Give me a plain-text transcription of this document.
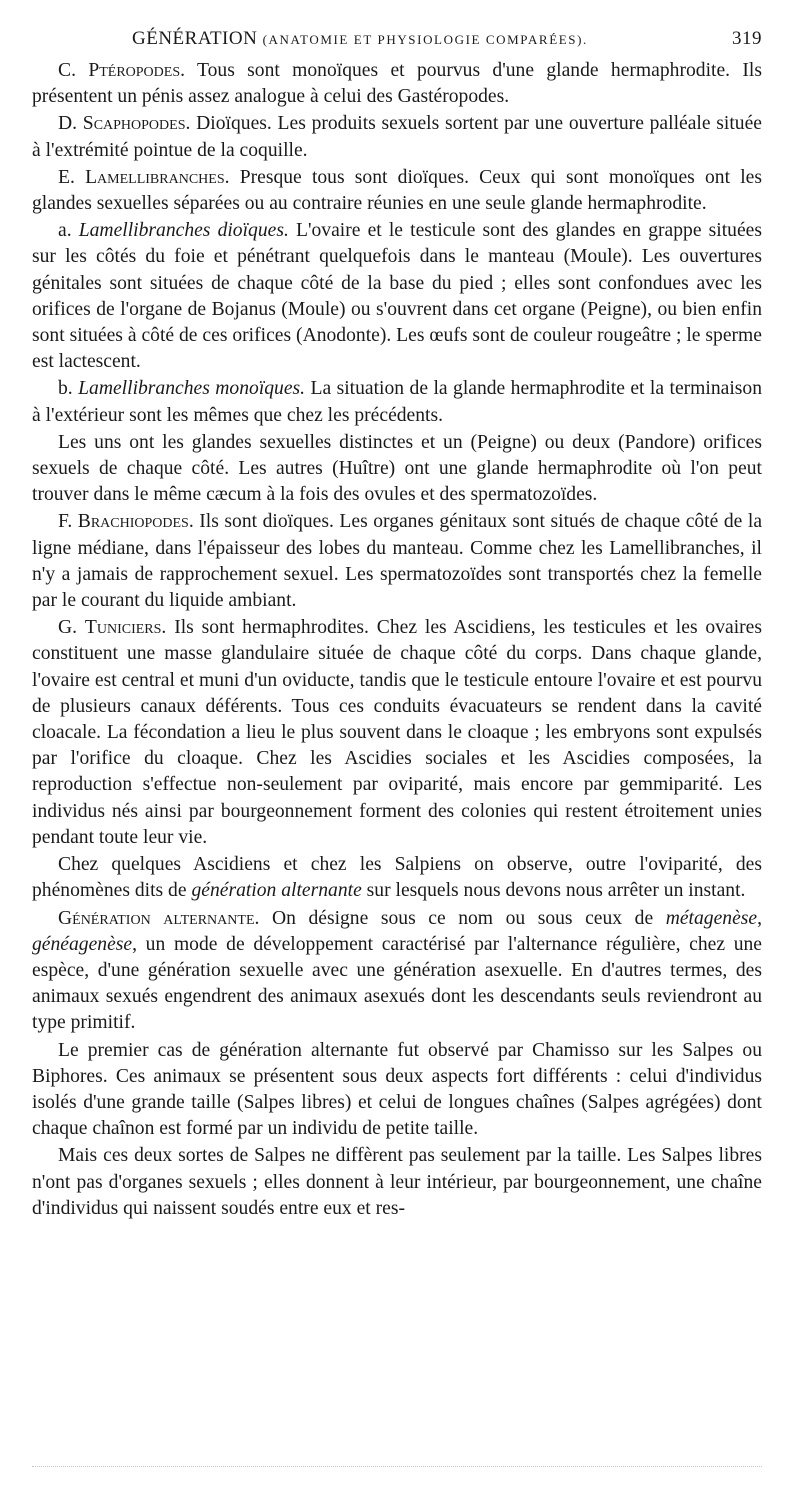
GÉNÉRATION (ANATOMIE ET PHYSIOLOGIE COMPARÉES).	319

C. Ptéropodes. Tous sont monoïques et pourvus d'une glande hermaphrodite. Ils présentent un pénis assez analogue à celui des Gastéropodes.

D. Scaphopodes. Dioïques. Les produits sexuels sortent par une ouverture palléale située à l'extrémité pointue de la coquille.

E. Lamellibranches. Presque tous sont dioïques. Ceux qui sont monoïques ont les glandes sexuelles séparées ou au contraire réunies en une seule glande hermaphrodite.

a. Lamellibranches dioïques. L'ovaire et le testicule sont des glandes en grappe situées sur les côtés du foie et pénétrant quelquefois dans le manteau (Moule). Les ouvertures génitales sont situées de chaque côté de la base du pied ; elles sont confondues avec les orifices de l'organe de Bojanus (Moule) ou s'ouvrent dans cet organe (Peigne), ou bien enfin sont situées à côté de ces orifices (Anodonte). Les œufs sont de couleur rougeâtre ; le sperme est lactescent.

b. Lamellibranches monoïques. La situation de la glande hermaphrodite et la terminaison à l'extérieur sont les mêmes que chez les précédents.

Les uns ont les glandes sexuelles distinctes et un (Peigne) ou deux (Pandore) orifices sexuels de chaque côté. Les autres (Huître) ont une glande hermaphrodite où l'on peut trouver dans le même cæcum à la fois des ovules et des spermatozoïdes.

F. Brachiopodes. Ils sont dioïques. Les organes génitaux sont situés de chaque côté de la ligne médiane, dans l'épaisseur des lobes du manteau. Comme chez les Lamellibranches, il n'y a jamais de rapprochement sexuel. Les spermatozoïdes sont transportés chez la femelle par le courant du liquide ambiant.

G. Tuniciers. Ils sont hermaphrodites. Chez les Ascidiens, les testicules et les ovaires constituent une masse glandulaire située de chaque côté du corps. Dans chaque glande, l'ovaire est central et muni d'un oviducte, tandis que le testicule entoure l'ovaire et est pourvu de plusieurs canaux déférents. Tous ces conduits évacuateurs se rendent dans la cavité cloacale. La fécondation a lieu le plus souvent dans le cloaque ; les embryons sont expulsés par l'orifice du cloaque. Chez les Ascidies sociales et les Ascidies composées, la reproduction s'effectue non-seulement par oviparité, mais encore par gemmiparité. Les individus nés ainsi par bourgeonnement forment des colonies qui restent étroitement unies pendant toute leur vie.

Chez quelques Ascidiens et chez les Salpiens on observe, outre l'oviparité, des phénomènes dits de génération alternante sur lesquels nous devons nous arrêter un instant.

Génération alternante. On désigne sous ce nom ou sous ceux de métagenèse, généagenèse, un mode de développement caractérisé par l'alternance régulière, chez une espèce, d'une génération sexuelle avec une génération asexuelle. En d'autres termes, des animaux sexués engendrent des animaux asexués dont les descendants seuls reviendront au type primitif.

Le premier cas de génération alternante fut observé par Chamisso sur les Salpes ou Biphores. Ces animaux se présentent sous deux aspects fort différents : celui d'individus isolés d'une grande taille (Salpes libres) et celui de longues chaînes (Salpes agrégées) dont chaque chaînon est formé par un individu de petite taille.

Mais ces deux sortes de Salpes ne diffèrent pas seulement par la taille. Les Salpes libres n'ont pas d'organes sexuels ; elles donnent à leur intérieur, par bourgeonnement, une chaîne d'individus qui naissent soudés entre eux et res-
